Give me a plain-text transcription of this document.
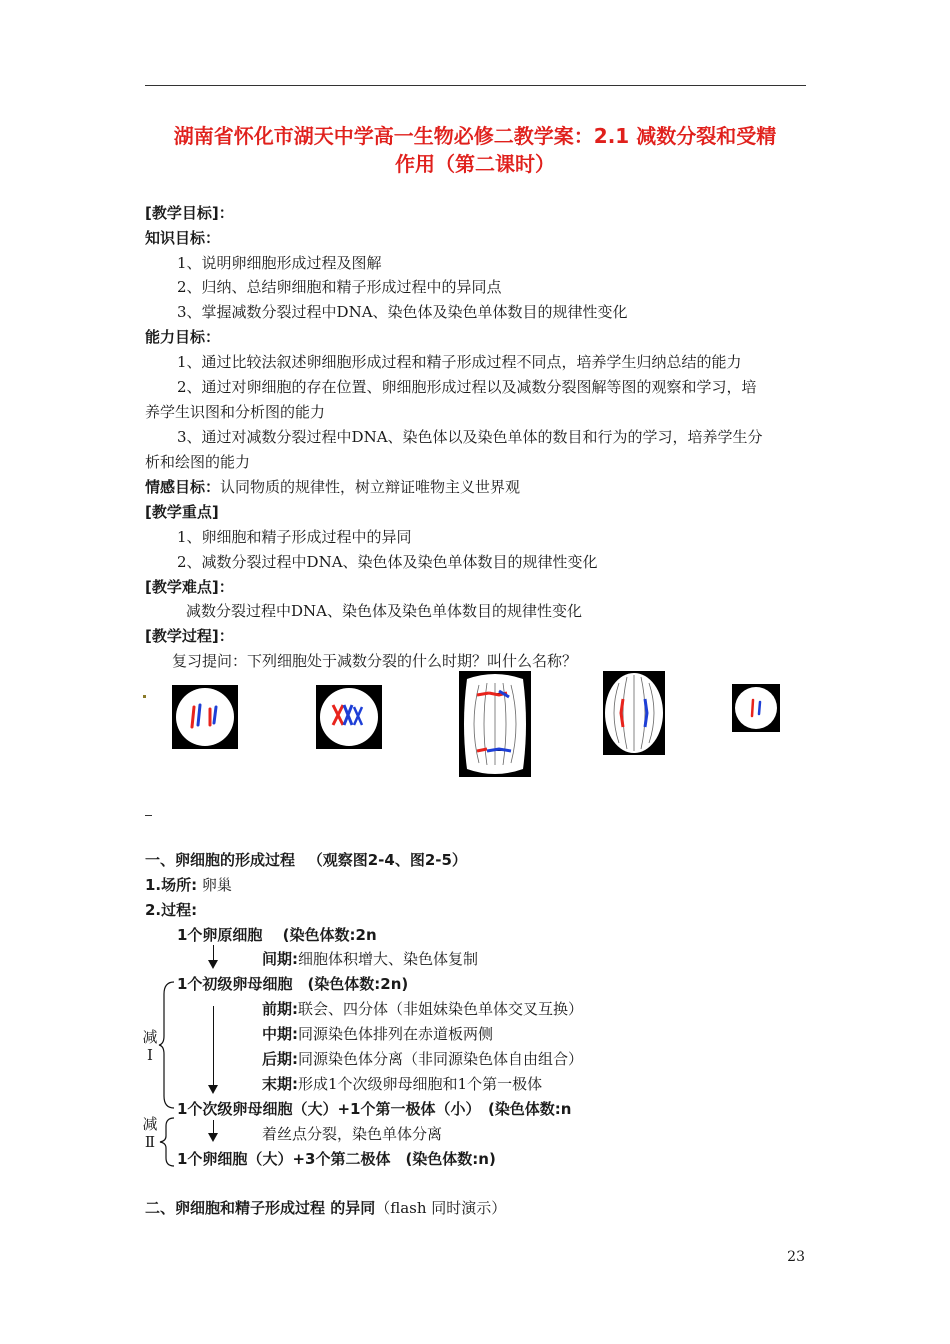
湖南省怀化市湖天中学高一生物必修二教学案：2.1 减数分裂和受精
作用（第二课时）
[教学目标]：
知识目标：
1、说明卵细胞形成过程及图解
2、归纳、总结卵细胞和精子形成过程中的异同点
3、掌握减数分裂过程中DNA、染色体及染色单体数目的规律性变化
能力目标：
1、通过比较法叙述卵细胞形成过程和精子形成过程不同点，培养学生归纳总结的能力
2、通过对卵细胞的存在位置、卵细胞形成过程以及减数分裂图解等图的观察和学习，培
养学生识图和分析图的能力
3、通过对减数分裂过程中DNA、染色体以及染色单体的数目和行为的学习，培养学生分
析和绘图的能力
情感目标：认同物质的规律性，树立辩证唯物主义世界观
[教学重点]
1、卵细胞和精子形成过程中的异同
2、减数分裂过程中DNA、染色体及染色单体数目的规律性变化
[教学难点]：
减数分裂过程中DNA、染色体及染色单体数目的规律性变化
[教学过程]：
复习提问：下列细胞处于减数分裂的什么时期？叫什么名称？
一、卵细胞的形成过程 　（观察图2-4、图2-5）
1.场所: 卵巢
2.过程:
1个卵原细胞 　(染色体数:2n
间期:细胞体积增大、染色体复制
1个初级卵母细胞　(染色体数:2n)
前期:联会、四分体（非姐妹染色单体交叉互换）
中期:同源染色体排列在赤道板两侧
后期:同源染色体分离（非同源染色体自由组合）
末期:形成1个次级卵母细胞和1个第一极体
减Ⅰ
1个次级卵母细胞（大）+1个第一极体（小）　(染色体数:n
着丝点分裂，染色单体分离
减Ⅱ
1个卵细胞（大）+3个第二极体　(染色体数:n)
二、卵细胞和精子形成过程 的异同（flash 同时演示）
23
